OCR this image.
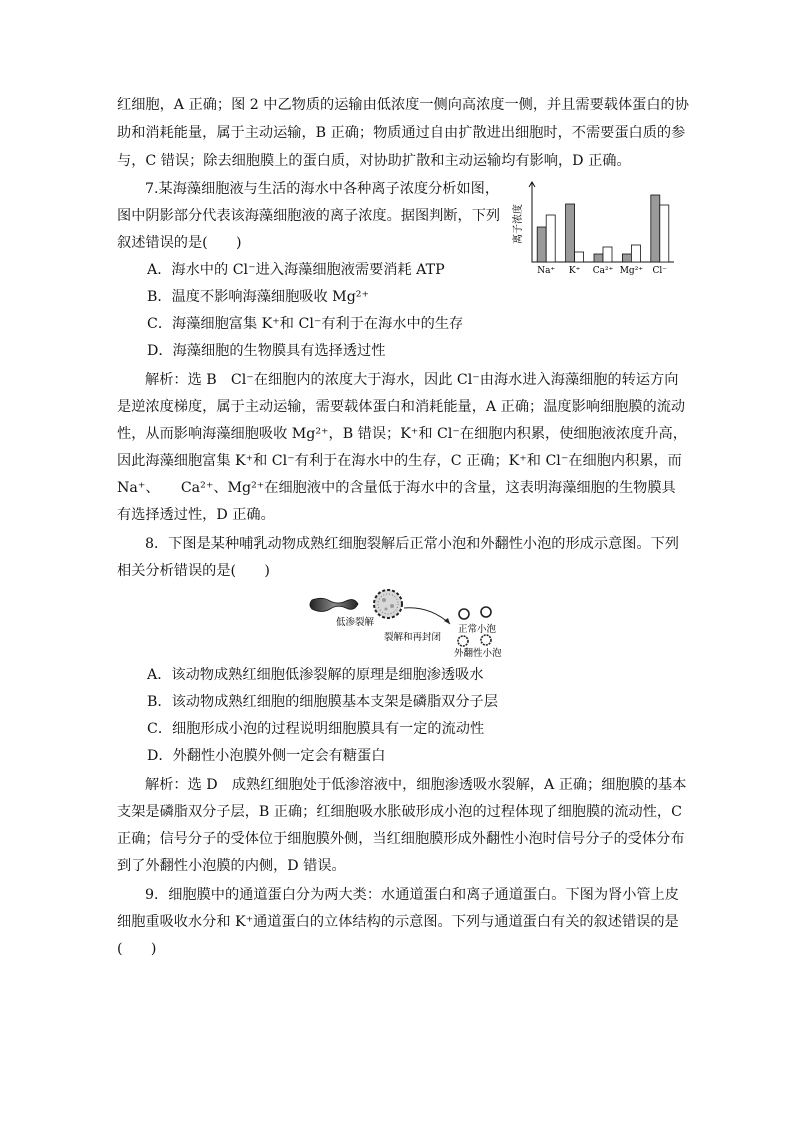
红细胞，A 正确；图 2 中乙物质的运输由低浓度一侧向高浓度一侧，并且需要载体蛋白的协
助和消耗能量，属于主动运输，B 正确；物质通过自由扩散进出细胞时，不需要蛋白质的参
与，C 错误；除去细胞膜上的蛋白质，对协助扩散和主动运输均有影响，D 正确。
7.某海藻细胞液与生活的海水中各种离子浓度分析如图，
图中阴影部分代表该海藻细胞液的离子浓度。据图判断，下列
叙述错误的是(　　)
A．海水中的 Cl⁻进入海藻细胞液需要消耗 ATP
B．温度不影响海藻细胞吸收 Mg²⁺
C．海藻细胞富集 K⁺和 Cl⁻有利于在海水中的生存
D．海藻细胞的生物膜具有选择透过性
离子浓度
Na⁺ K⁺ Ca²⁺ Mg²⁺ Cl⁻
解析：选 B　Cl⁻在细胞内的浓度大于海水，因此 Cl⁻由海水进入海藻细胞的转运方向
是逆浓度梯度，属于主动运输，需要载体蛋白和消耗能量，A 正确；温度影响细胞膜的流动
性，从而影响海藻细胞吸收 Mg²⁺，B 错误；K⁺和 Cl⁻在细胞内积累，使细胞液浓度升高，
因此海藻细胞富集 K⁺和 Cl⁻有利于在海水中的生存，C 正确；K⁺和 Cl⁻在细胞内积累，而
Na⁺、　　Ca²⁺、Mg²⁺在细胞液中的含量低于海水中的含量，这表明海藻细胞的生物膜具
有选择透过性，D 正确。
8．下图是某种哺乳动物成熟红细胞裂解后正常小泡和外翻性小泡的形成示意图。下列
相关分析错误的是(　　)
低渗裂解
裂解和再封闭
正常小泡
外翻性小泡
A．该动物成熟红细胞低渗裂解的原理是细胞渗透吸水
B．该动物成熟红细胞的细胞膜基本支架是磷脂双分子层
C．细胞形成小泡的过程说明细胞膜具有一定的流动性
D．外翻性小泡膜外侧一定会有糖蛋白
解析：选 D　成熟红细胞处于低渗溶液中，细胞渗透吸水裂解，A 正确；细胞膜的基本
支架是磷脂双分子层，B 正确；红细胞吸水胀破形成小泡的过程体现了细胞膜的流动性，C
正确；信号分子的受体位于细胞膜外侧，当红细胞膜形成外翻性小泡时信号分子的受体分布
到了外翻性小泡膜的内侧，D 错误。
9．细胞膜中的通道蛋白分为两大类：水通道蛋白和离子通道蛋白。下图为肾小管上皮
细胞重吸收水分和 K⁺通道蛋白的立体结构的示意图。下列与通道蛋白有关的叙述错误的是
(　　)
